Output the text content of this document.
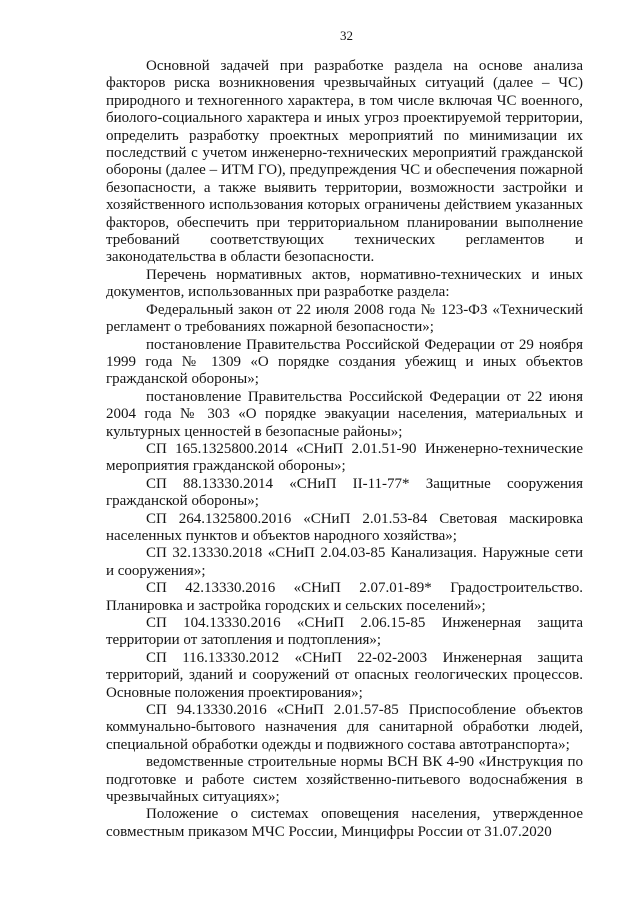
32

Основной задачей при разработке раздела на основе анализа факторов риска возникновения чрезвычайных ситуаций (далее – ЧС) природного и техногенного характера, в том числе включая ЧС военного, биолого-социального характера и иных угроз проектируемой территории, определить разработку проектных мероприятий по минимизации их последствий с учетом инженерно-технических мероприятий гражданской обороны (далее – ИТМ ГО), предупреждения ЧС и обеспечения пожарной безопасности, а также выявить территории, возможности застройки и хозяйственного использования которых ограничены действием указанных факторов, обеспечить при территориальном планировании выполнение требований соответствующих технических регламентов и законодательства в области безопасности.

Перечень нормативных актов, нормативно-технических и иных документов, использованных при разработке раздела:

Федеральный закон от 22 июля 2008 года № 123-ФЗ «Технический регламент о требованиях пожарной безопасности»;

постановление Правительства Российской Федерации от 29 ноября 1999 года № 1309 «О порядке создания убежищ и иных объектов гражданской обороны»;

постановление Правительства Российской Федерации от 22 июня 2004 года № 303 «О порядке эвакуации населения, материальных и культурных ценностей в безопасные районы»;

СП 165.1325800.2014 «СНиП 2.01.51-90 Инженерно-технические мероприятия гражданской обороны»;

СП 88.13330.2014 «СНиП II-11-77* Защитные сооружения гражданской обороны»;

СП 264.1325800.2016 «СНиП 2.01.53-84 Световая маскировка населенных пунктов и объектов народного хозяйства»;

СП 32.13330.2018 «СНиП 2.04.03-85 Канализация. Наружные сети и сооружения»;

СП 42.13330.2016 «СНиП 2.07.01-89* Градостроительство. Планировка и застройка городских и сельских поселений»;

СП 104.13330.2016 «СНиП 2.06.15-85 Инженерная защита территории от затопления и подтопления»;

СП 116.13330.2012 «СНиП 22-02-2003 Инженерная защита территорий, зданий и сооружений от опасных геологических процессов. Основные положения проектирования»;

СП 94.13330.2016 «СНиП 2.01.57-85 Приспособление объектов коммунально-бытового назначения для санитарной обработки людей, специальной обработки одежды и подвижного состава автотранспорта»;

ведомственные строительные нормы ВСН ВК 4-90 «Инструкция по подготовке и работе систем хозяйственно-питьевого водоснабжения в чрезвычайных ситуациях»;

Положение о системах оповещения населения, утвержденное совместным приказом МЧС России, Минцифры России от 31.07.2020
